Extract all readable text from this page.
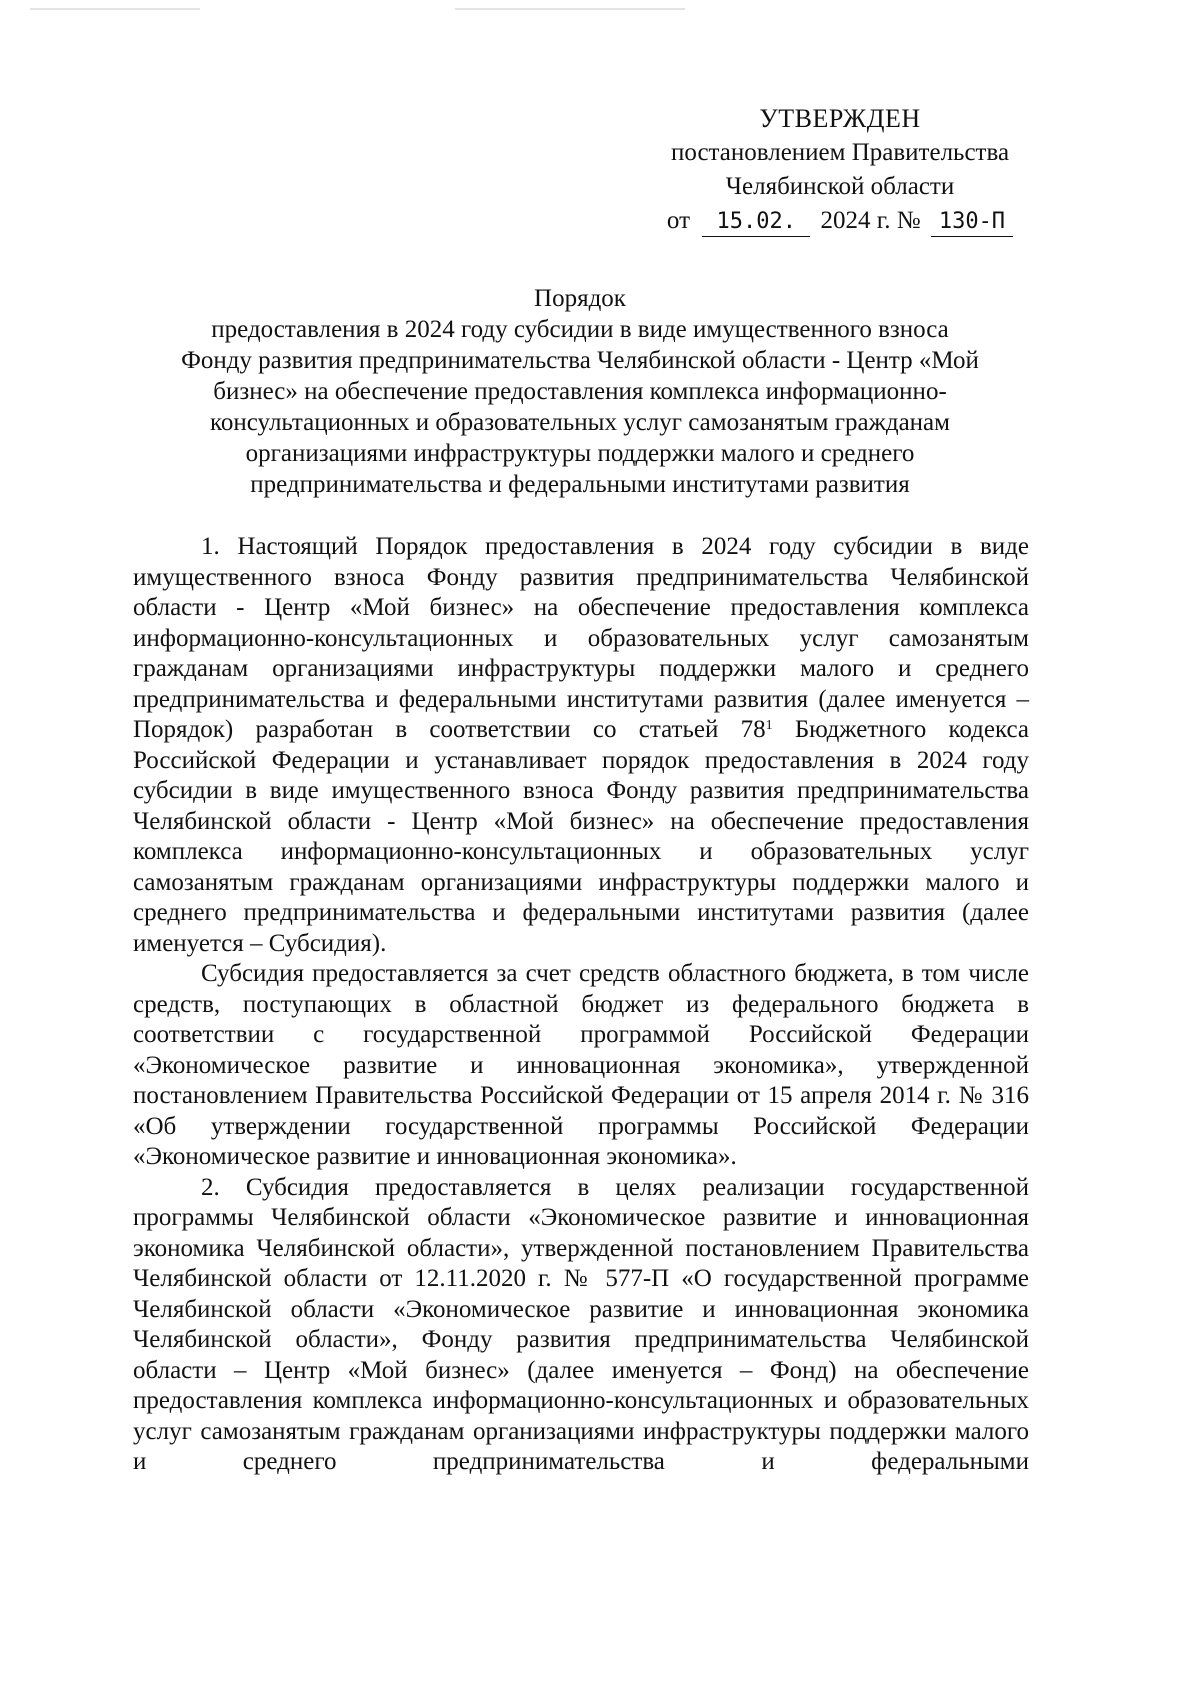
УТВЕРЖДЕН
постановлением Правительства
Челябинской области
от 15.02. 2024 г. № 130-П
Порядок
предоставления в 2024 году субсидии в виде имущественного взноса
Фонду развития предпринимательства Челябинской области - Центр «Мой
бизнес» на обеспечение предоставления комплекса информационно-
консультационных и образовательных услуг самозанятым гражданам
организациями инфраструктуры поддержки малого и среднего
предпринимательства и федеральными институтами развития

1. Настоящий Порядок предоставления в 2024 году субсидии в виде имущественного взноса Фонду развития предпринимательства Челябинской области - Центр «Мой бизнес» на обеспечение предоставления комплекса информационно-консультационных и образовательных услуг самозанятым гражданам организациями инфраструктуры поддержки малого и среднего предпринимательства и федеральными институтами развития (далее именуется – Порядок) разработан в соответствии со статьей $78^1$ Бюджетного кодекса Российской Федерации и устанавливает порядок предоставления в 2024 году субсидии в виде имущественного взноса Фонду развития предпринимательства Челябинской области - Центр «Мой бизнес» на обеспечение предоставления комплекса информационно-консультационных и образовательных услуг самозанятым гражданам организациями инфраструктуры поддержки малого и среднего предпринимательства и федеральными институтами развития (далее именуется – Субсидия).

Субсидия предоставляется за счет средств областного бюджета, в том числе средств, поступающих в областной бюджет из федерального бюджета в соответствии с государственной программой Российской Федерации «Экономическое развитие и инновационная экономика», утвержденной постановлением Правительства Российской Федерации от 15 апреля 2014 г. № 316 «Об утверждении государственной программы Российской Федерации «Экономическое развитие и инновационная экономика».

2. Субсидия предоставляется в целях реализации государственной программы Челябинской области «Экономическое развитие и инновационная экономика Челябинской области», утвержденной постановлением Правительства Челябинской области от 12.11.2020 г. № 577-П «О государственной программе Челябинской области «Экономическое развитие и инновационная экономика Челябинской области», Фонду развития предпринимательства Челябинской области – Центр «Мой бизнес» (далее именуется – Фонд) на обеспечение предоставления комплекса информационно-консультационных и образовательных услуг самозанятым гражданам организациями инфраструктуры поддержки малого и среднего предпринимательства и федеральными
